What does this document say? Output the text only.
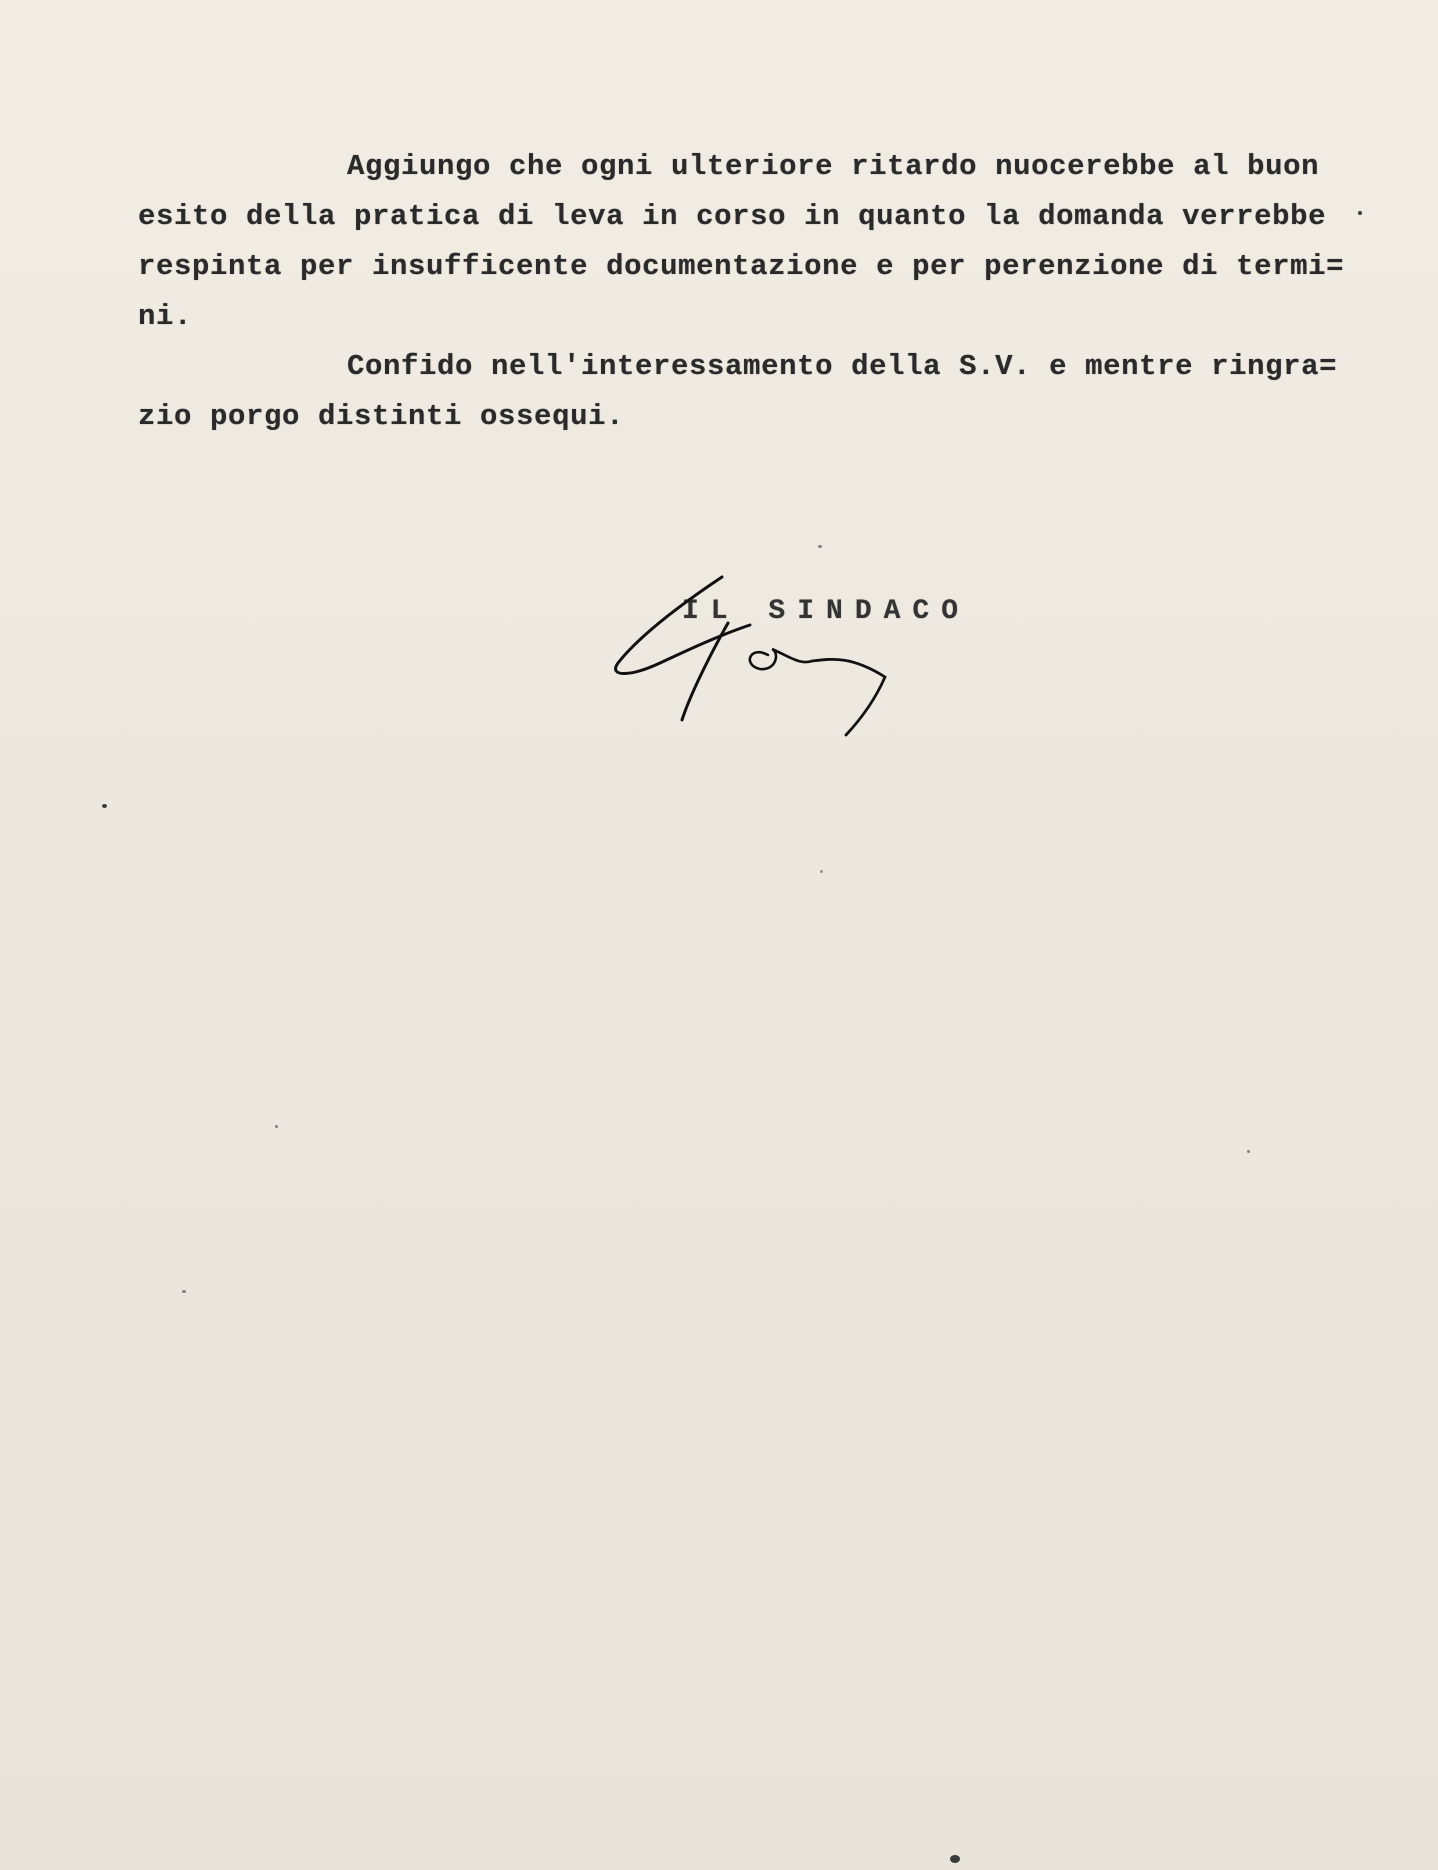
Aggiungo che ogni ulteriore ritardo nuocerebbe al buon
esito della pratica di leva in corso in quanto la domanda verrebbe
respinta per insufficente documentazione e per perenzione di termi=
ni.
Confido nell'interessamento della S.V. e mentre ringra=
zio porgo distinti ossequi.
IL SINDACO
